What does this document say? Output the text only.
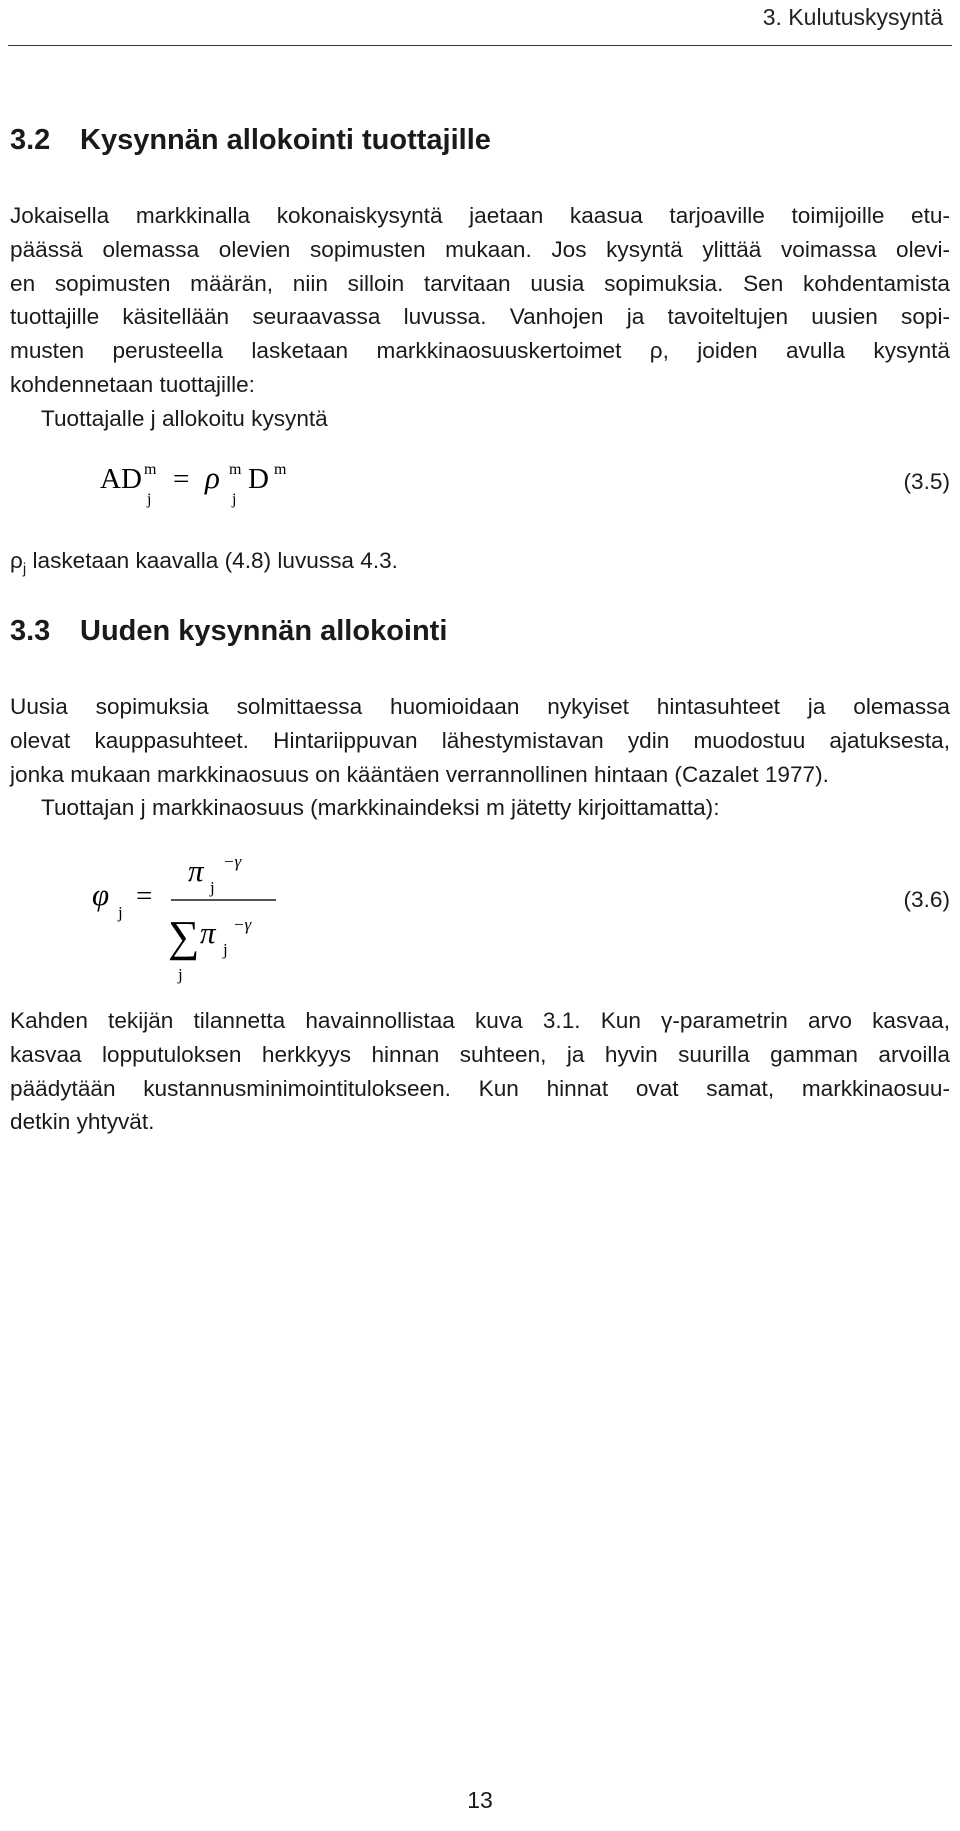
3. Kulutuskysyntä
3.2 Kysynnän allokointi tuottajille
Jokaisella markkinalla kokonaiskysyntä jaetaan kaasua tarjoaville toimijoille etu-
päässä olemassa olevien sopimusten mukaan. Jos kysyntä ylittää voimassa olevi-
en sopimusten määrän, niin silloin tarvitaan uusia sopimuksia. Sen kohdentamista
tuottajille käsitellään seuraavassa luvussa. Vanhojen ja tavoiteltujen uusien sopi-
musten perusteella lasketaan markkinaosuuskertoimet ρ, joiden avulla kysyntä
kohdennetaan tuottajille:
Tuottajalle j allokoitu kysyntä
AD m
j
= ρ m
j
D m	(3.5)
$\rho_j$ lasketaan kaavalla (4.8) luvussa 4.3.
3.3 Uuden kysynnän allokointi
Uusia sopimuksia solmittaessa huomioidaan nykyiset hintasuhteet ja olemassa
olevat kauppasuhteet. Hintariippuvan lähestymistavan ydin muodostuu ajatuksesta,
jonka mukaan markkinaosuus on kääntäen verrannollinen hintaan (Cazalet 1977).
Tuottajan j markkinaosuus (markkinaindeksi m jätetty kirjoittamatta):
φ
j
=
π j
−γ
∑
j
π j
−γ
(3.6)
Kahden tekijän tilannetta havainnollistaa kuva 3.1. Kun γ-parametrin arvo kasvaa,
kasvaa lopputuloksen herkkyys hinnan suhteen, ja hyvin suurilla gamman arvoilla
päädytään kustannusminimointitulokseen. Kun hinnat ovat samat, markkinaosuu-
detkin yhtyvät.
13
